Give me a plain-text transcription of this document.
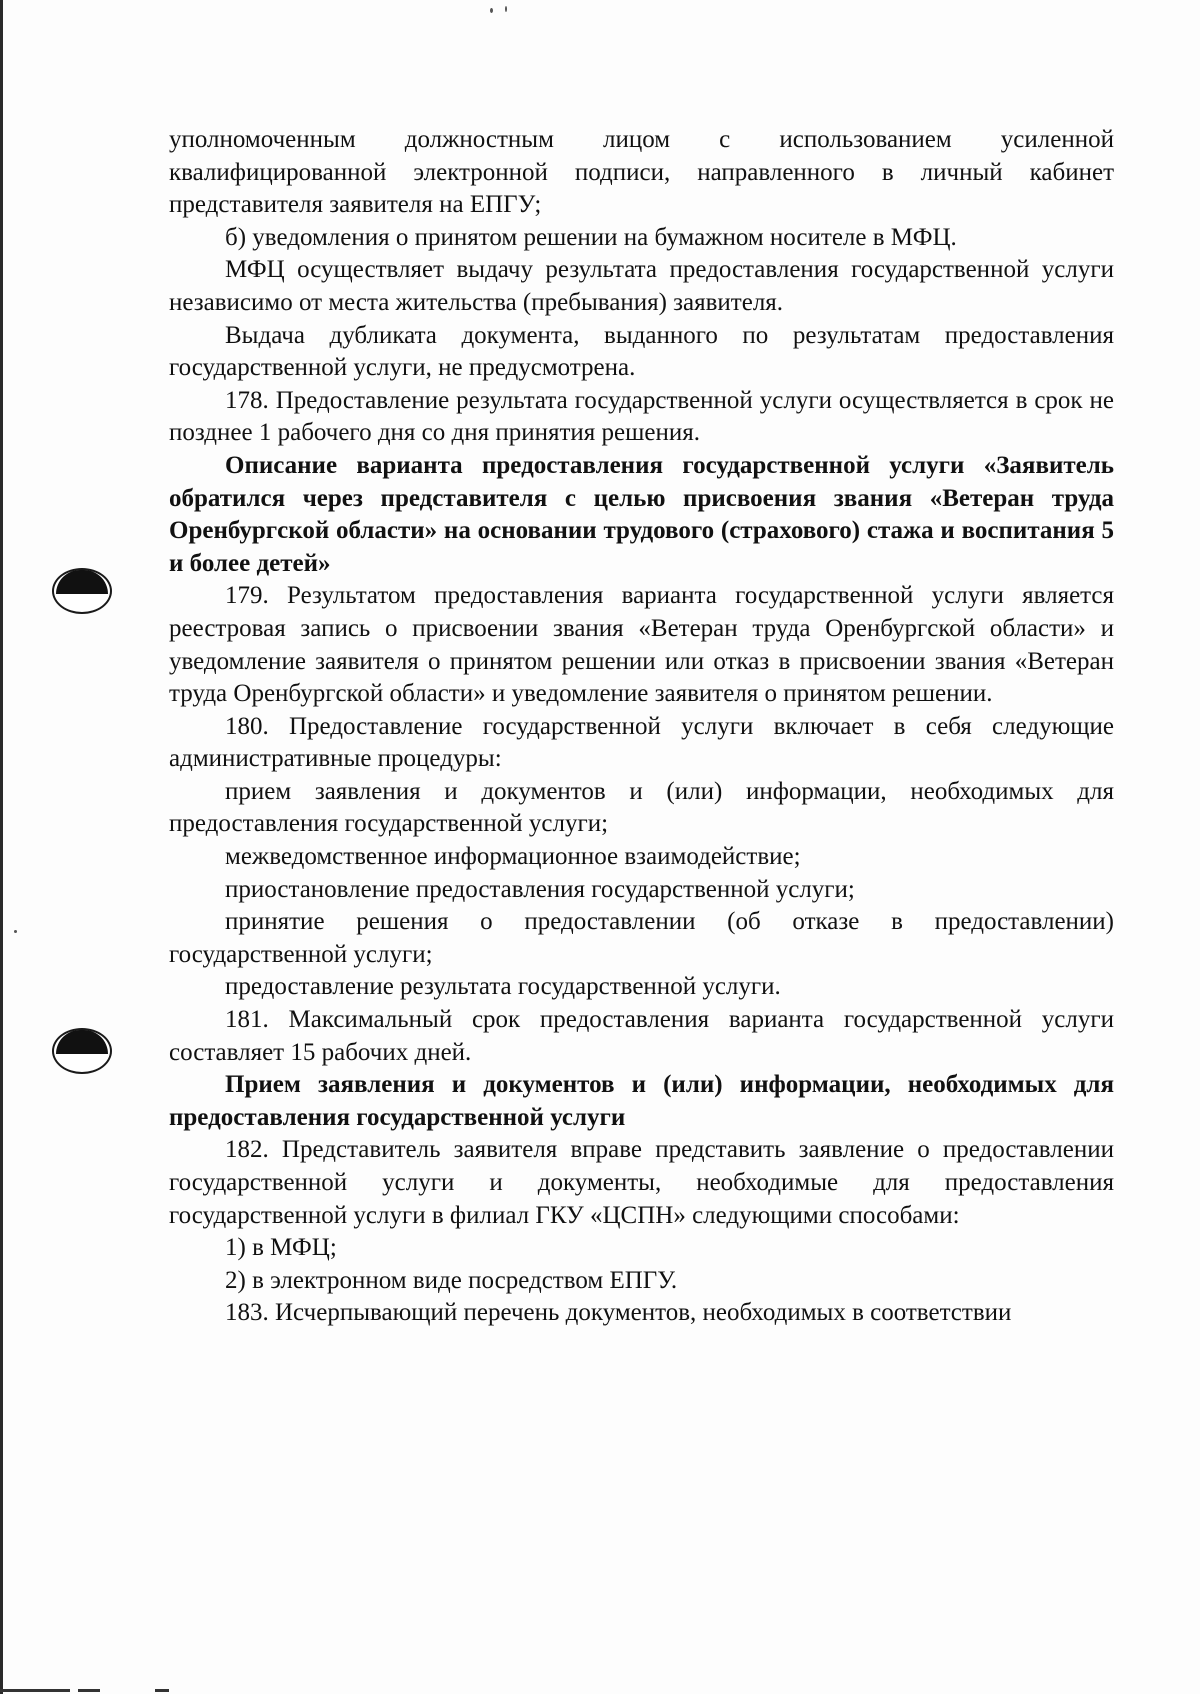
уполномоченным должностным лицом с использованием усиленной квалифицированной электронной подписи, направленного в личный кабинет представителя заявителя на ЕПГУ;

б) уведомления о принятом решении на бумажном носителе в МФЦ.

МФЦ осуществляет выдачу результата предоставления государственной услуги независимо от места жительства (пребывания) заявителя.

Выдача дубликата документа, выданного по результатам предоставления государственной услуги, не предусмотрена.

178. Предоставление результата государственной услуги осуществляется в срок не позднее 1 рабочего дня со дня принятия решения.

Описание варианта предоставления государственной услуги «Заявитель обратился через представителя с целью присвоения звания «Ветеран труда Оренбургской области» на основании трудового (страхового) стажа и воспитания 5 и более детей»

179. Результатом предоставления варианта государственной услуги является реестровая запись о присвоении звания «Ветеран труда Оренбургской области» и уведомление заявителя о принятом решении или отказ в присвоении звания «Ветеран труда Оренбургской области» и уведомление заявителя о принятом решении.

180. Предоставление государственной услуги включает в себя следующие административные процедуры:

прием заявления и документов и (или) информации, необходимых для предоставления государственной услуги;

межведомственное информационное взаимодействие;

приостановление предоставления государственной услуги;

принятие решения о предоставлении (об отказе в предоставлении) государственной услуги;

предоставление результата государственной услуги.

181. Максимальный срок предоставления варианта государственной услуги составляет 15 рабочих дней.

Прием заявления и документов и (или) информации, необходимых для предоставления государственной услуги

182. Представитель заявителя вправе представить заявление о предоставлении государственной услуги и документы, необходимые для предоставления государственной услуги в филиал ГКУ «ЦСПН» следующими способами:

1) в МФЦ;

2) в электронном виде посредством ЕПГУ.

183. Исчерпывающий перечень документов, необходимых в соответствии
